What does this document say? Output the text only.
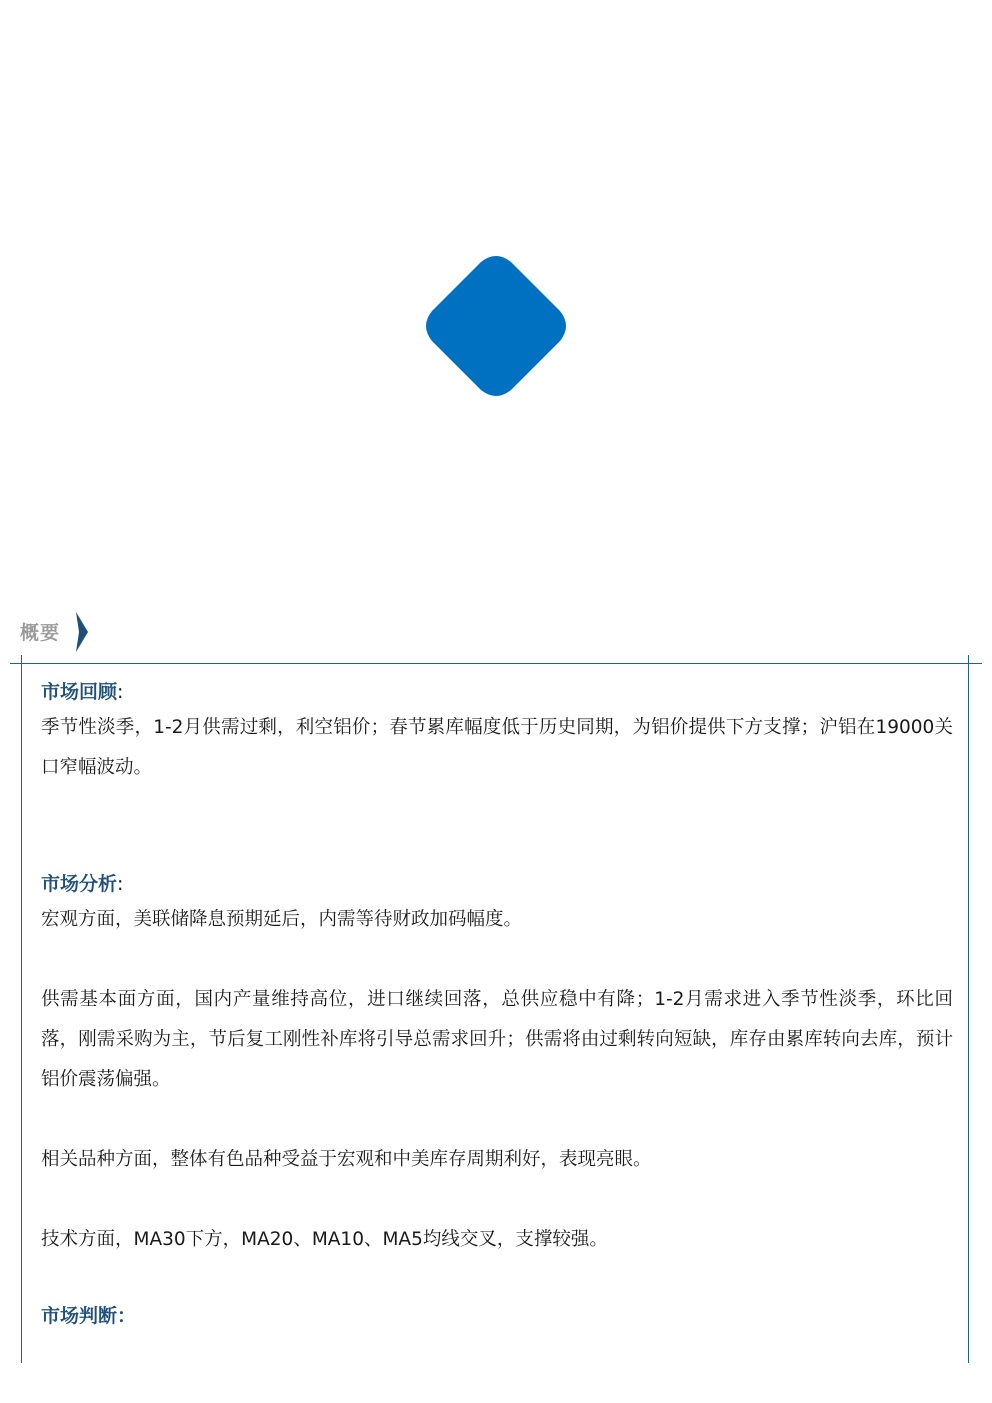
概要

市场回顾:

季节性淡季，1-2月供需过剩，利空铝价；春节累库幅度低于历史同期，为铝价提供下方支撑；沪铝在19000关口窄幅波动。

市场分析:

宏观方面，美联储降息预期延后，内需等待财政加码幅度。

供需基本面方面，国内产量维持高位，进口继续回落，总供应稳中有降；1-2月需求进入季节性淡季，环比回落，刚需采购为主，节后复工刚性补库将引导总需求回升；供需将由过剩转向短缺，库存由累库转向去库，预计铝价震荡偏强。

相关品种方面，整体有色品种受益于宏观和中美库存周期利好，表现亮眼。

技术方面，MA30下方，MA20、MA10、MA5均线交叉，支撑较强。

市场判断：
